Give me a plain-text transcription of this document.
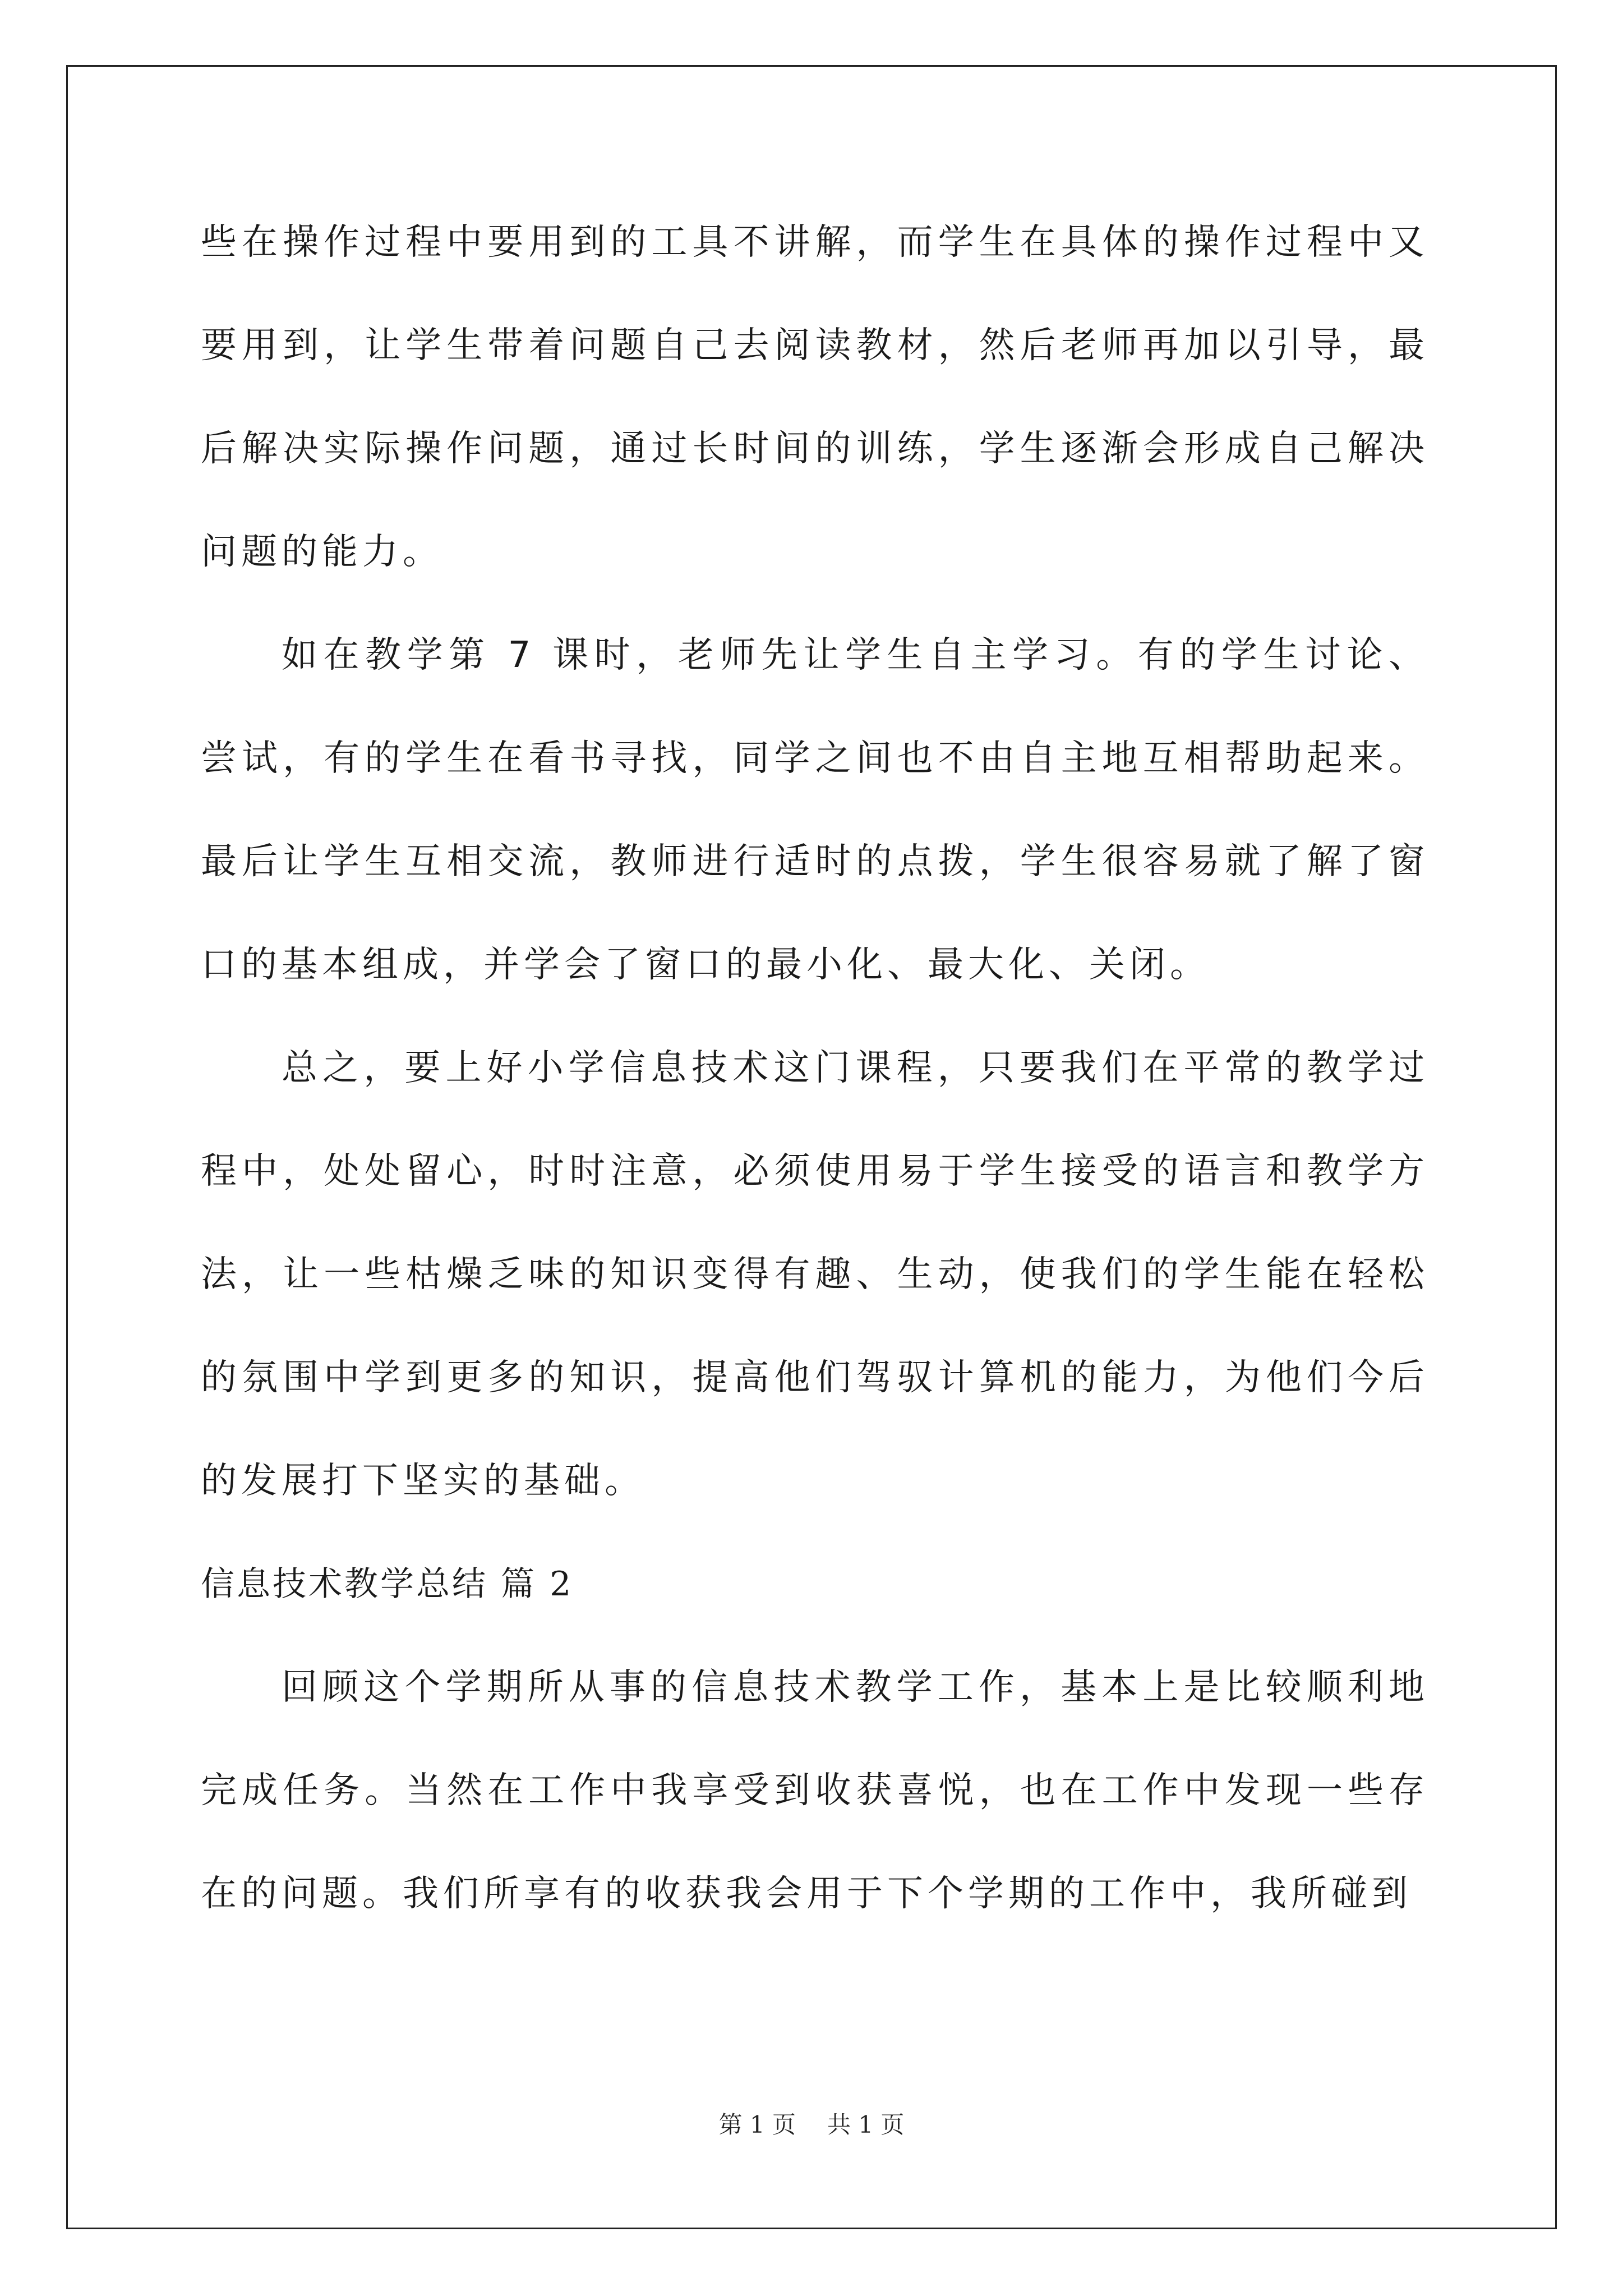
些在操作过程中要用到的工具不讲解，而学生在具体的操作过程中又要用到，让学生带着问题自己去阅读教材，然后老师再加以引导，最后解决实际操作问题，通过长时间的训练，学生逐渐会形成自己解决问题的能力。

如在教学第 7 课时，老师先让学生自主学习。有的学生讨论、尝试，有的学生在看书寻找，同学之间也不由自主地互相帮助起来。最后让学生互相交流，教师进行适时的点拨，学生很容易就了解了窗口的基本组成，并学会了窗口的最小化、最大化、关闭。

总之，要上好小学信息技术这门课程，只要我们在平常的教学过程中，处处留心，时时注意，必须使用易于学生接受的语言和教学方法，让一些枯燥乏味的知识变得有趣、生动，使我们的学生能在轻松的氛围中学到更多的知识，提高他们驾驭计算机的能力，为他们今后的发展打下坚实的基础。

信息技术教学总结 篇 2

回顾这个学期所从事的信息技术教学工作，基本上是比较顺利地完成任务。当然在工作中我享受到收获喜悦，也在工作中发现一些存在的问题。我们所享有的收获我会用于下个学期的工作中，我所碰到

第 1 页 共 1 页
